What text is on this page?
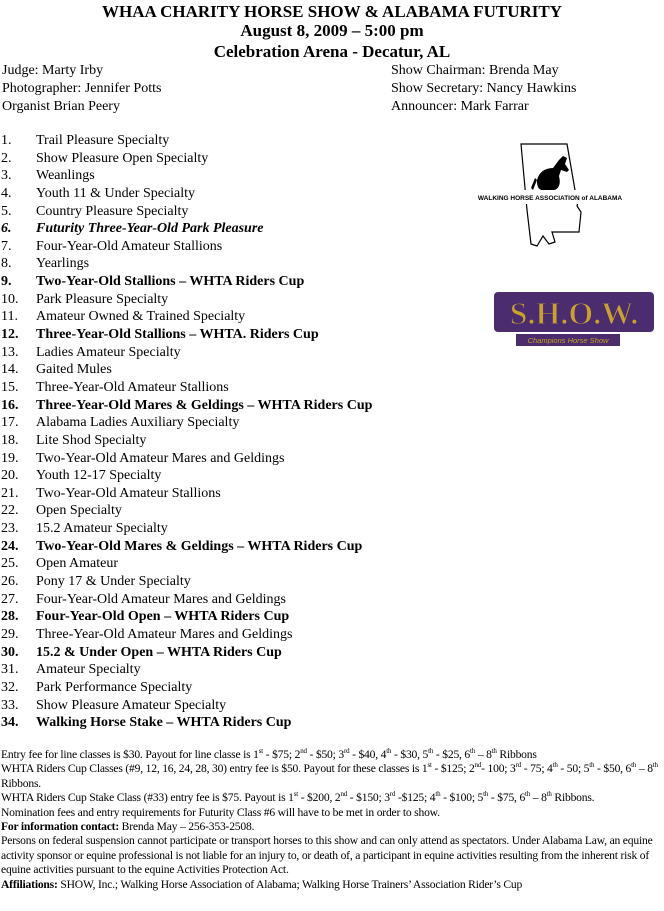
WHAA CHARITY HORSE SHOW & ALABAMA FUTURITY
August 8, 2009 – 5:00 pm
Celebration Arena - Decatur, AL
Judge: Marty Irby
Photographer: Jennifer Potts
Organist Brian Peery
Show Chairman: Brenda May
Show Secretary: Nancy Hawkins
Announcer: Mark Farrar
1. Trail Pleasure Specialty
2. Show Pleasure Open Specialty
3. Weanlings
4. Youth 11 & Under Specialty
5. Country Pleasure Specialty
6. Futurity Three-Year-Old Park Pleasure
7. Four-Year-Old Amateur Stallions
8. Yearlings
9. Two-Year-Old Stallions – WHTA Riders Cup
10. Park Pleasure Specialty
11. Amateur Owned & Trained Specialty
12. Three-Year-Old Stallions – WHTA. Riders Cup
13. Ladies Amateur Specialty
14. Gaited Mules
15. Three-Year-Old Amateur Stallions
16. Three-Year-Old Mares & Geldings – WHTA Riders Cup
17. Alabama Ladies Auxiliary Specialty
18. Lite Shod Specialty
19. Two-Year-Old Amateur Mares and Geldings
20. Youth 12-17 Specialty
21. Two-Year-Old Amateur Stallions
22. Open Specialty
23. 15.2 Amateur Specialty
24. Two-Year-Old Mares & Geldings – WHTA Riders Cup
25. Open Amateur
26. Pony 17 & Under Specialty
27. Four-Year-Old Amateur Mares and Geldings
28. Four-Year-Old Open – WHTA Riders Cup
29. Three-Year-Old Amateur Mares and Geldings
30. 15.2 & Under Open – WHTA Riders Cup
31. Amateur Specialty
32. Park Performance Specialty
33. Show Pleasure Amateur Specialty
34. Walking Horse Stake – WHTA Riders Cup
WALKING HORSE ASSOCIATION of ALABAMA
S.H.O.W.
Champions Horse Show

Entry fee for line classes is $30. Payout for line classe is 1st - $75; 2nd - $50; 3rd - $40, 4th - $30, 5th - $25, 6th – 8th Ribbons

WHTA Riders Cup Classes (#9, 12, 16, 24, 28, 30) entry fee is $50. Payout for these classes is 1st - $125; 2nd- 100; 3rd - 75; 4th - 50; 5th - $50, 6th – 8th Ribbons.

WHTA Riders Cup Stake Class (#33) entry fee is $75. Payout is 1st - $200, 2nd - $150; 3rd -$125; 4th - $100; 5th - $75, 6th – 8th Ribbons.

Nomination fees and entry requirements for Futurity Class #6 will have to be met in order to show.

For information contact: Brenda May – 256-353-2508.

Persons on federal suspension cannot participate or transport horses to this show and can only attend as spectators. Under Alabama Law, an equine activity sponsor or equine professional is not liable for an injury to, or death of, a participant in equine activities resulting from the inherent risk of equine activities pursuant to the equine Activities Protection Act.

Affiliations: SHOW, Inc.; Walking Horse Association of Alabama; Walking Horse Trainers’ Association Rider’s Cup
